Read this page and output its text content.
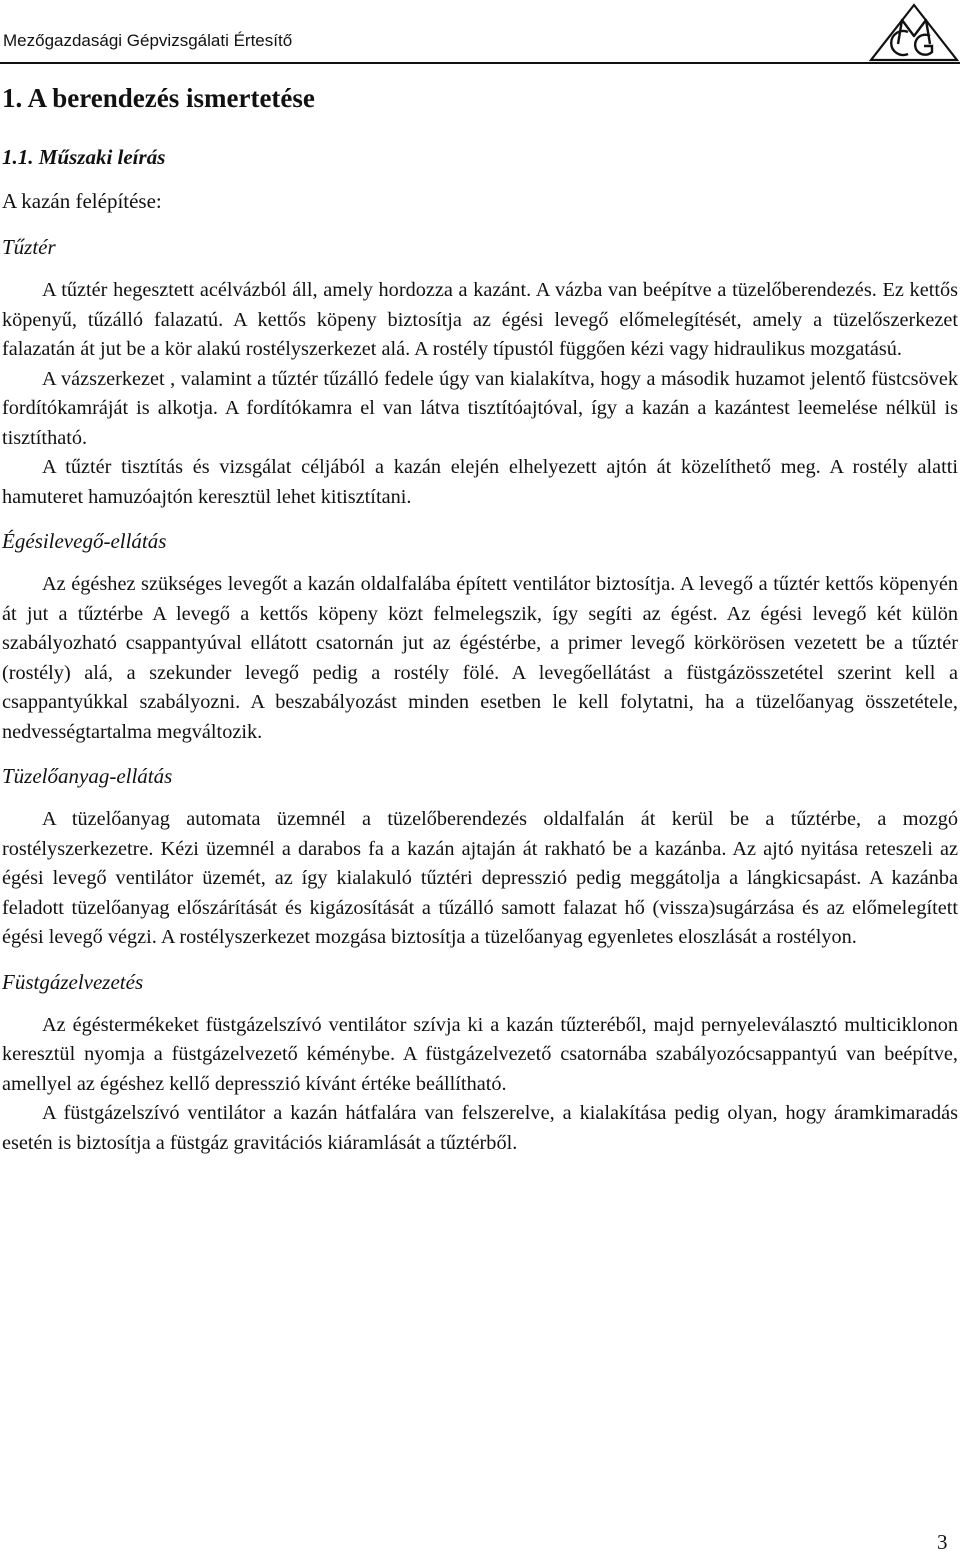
Mezőgazdasági Gépvizsgálati Értesítő
1. A berendezés ismertetése
1.1. Műszaki leírás
A kazán felépítése:
Tűztér

A tűztér hegesztett acélvázból áll, amely hordozza a kazánt. A vázba van beépítve a tüzelőberendezés. Ez kettős köpenyű, tűzálló falazatú. A kettős köpeny biztosítja az égési levegő előmelegítését, amely a tüzelőszerkezet falazatán át jut be a kör alakú rostélyszerkezet alá. A rostély típustól függően kézi vagy hidraulikus mozgatású.

A vázszerkezet , valamint a tűztér tűzálló fedele úgy van kialakítva, hogy a második huzamot jelentő füstcsövek fordítókamráját is alkotja. A fordítókamra el van látva tisztítóajtóval, így a kazán a kazántest leemelése nélkül is tisztítható.

A tűztér tisztítás és vizsgálat céljából a kazán elején elhelyezett ajtón át közelíthető meg. A rostély alatti hamuteret hamuzóajtón keresztül lehet kitisztítani.

Égésilevegő-ellátás

Az égéshez szükséges levegőt a kazán oldalfalába épített ventilátor biztosítja. A levegő a tűztér kettős köpenyén át jut a tűztérbe A levegő a kettős köpeny közt felmelegszik, így segíti az égést. Az égési levegő két külön szabályozható csappantyúval ellátott csatornán jut az égéstérbe, a primer levegő körkörösen vezetett be a tűztér (rostély) alá, a szekunder levegő pedig a rostély fölé. A levegőellátást a füstgázösszetétel szerint kell a csappantyúkkal szabályozni. A beszabályozást minden esetben le kell folytatni, ha a tüzelőanyag összetétele, nedvességtartalma megváltozik.

Tüzelőanyag-ellátás

A tüzelőanyag automata üzemnél a tüzelőberendezés oldalfalán át kerül be a tűztérbe, a mozgó rostélyszerkezetre. Kézi üzemnél a darabos fa a kazán ajtaján át rakható be a kazánba. Az ajtó nyitása reteszeli az égési levegő ventilátor üzemét, az így kialakuló tűztéri depresszió pedig meggátolja a lángkicsapást. A kazánba feladott tüzelőanyag előszárítását és kigázosítását a tűzálló samott falazat hő (vissza)sugárzása és az előmelegített égési levegő végzi. A rostélyszerkezet mozgása biztosítja a tüzelőanyag egyenletes eloszlását a rostélyon.

Füstgázelvezetés

Az égéstermékeket füstgázelszívó ventilátor szívja ki a kazán tűzteréből, majd pernyeleválasztó multiciklonon keresztül nyomja a füstgázelvezető kéménybe. A füstgázelvezető csatornába szabályozócsappantyú van beépítve, amellyel az égéshez kellő depresszió kívánt értéke beállítható.

A füstgázelszívó ventilátor a kazán hátfalára van felszerelve, a kialakítása pedig olyan, hogy áramkimaradás esetén is biztosítja a füstgáz gravitációs kiáramlását a tűztérből.

3
